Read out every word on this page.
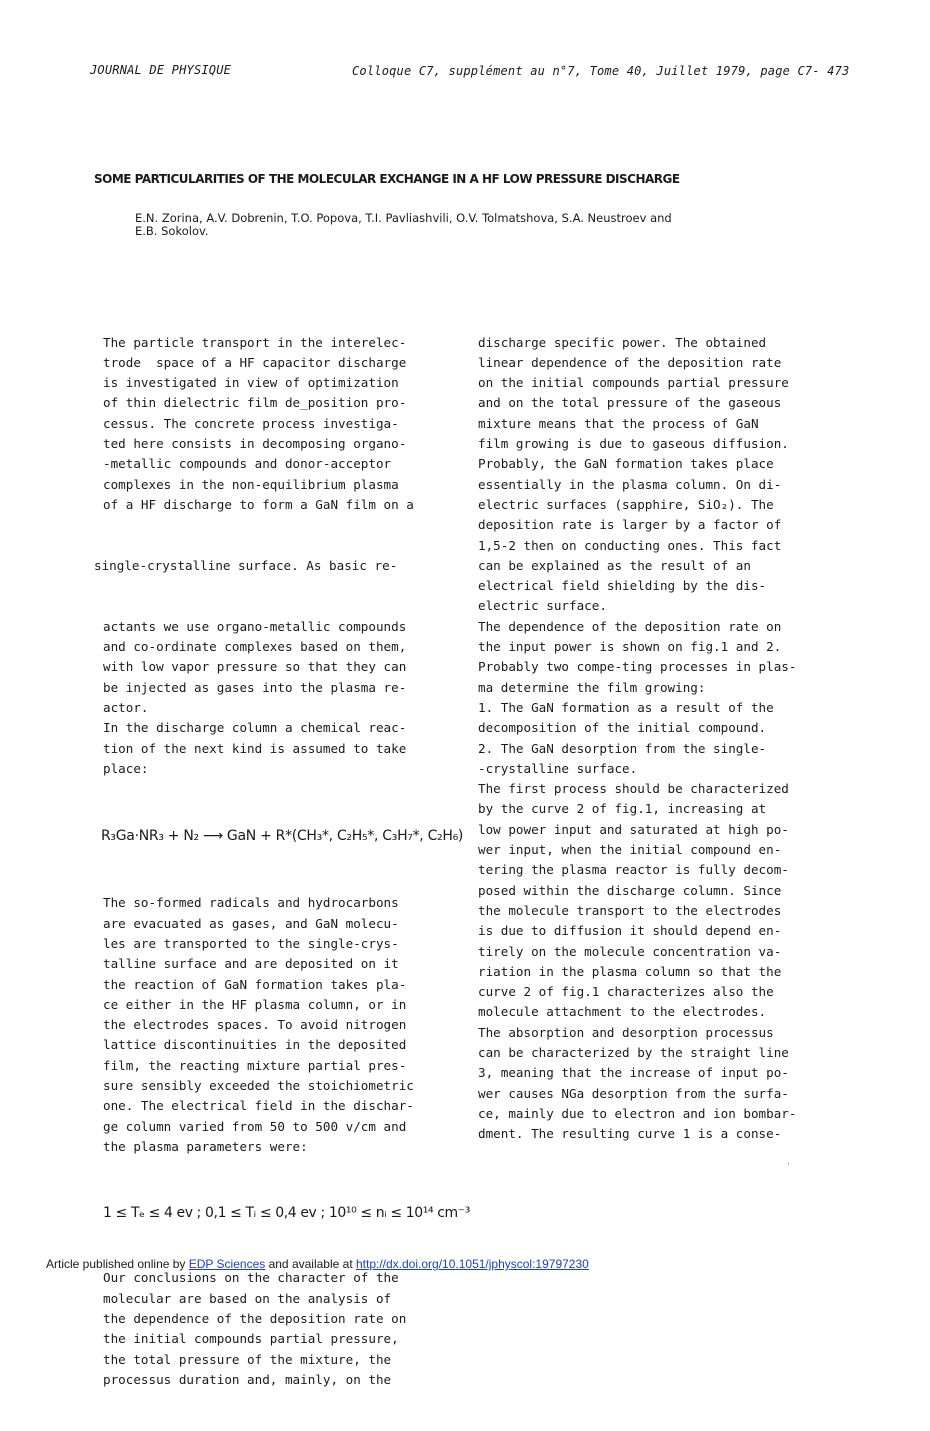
JOURNAL DE PHYSIQUE	Colloque C7, supplément au n°7, Tome 40, Juillet 1979, page C7- 473
SOME PARTICULARITIES OF THE MOLECULAR EXCHANGE IN A HF LOW PRESSURE DISCHARGE
E.N. Zorina, A.V. Dobrenin, T.O. Popova, T.I. Pavliashvili, O.V. Tolmatshova, S.A. Neustroev and
E.B. Sokolov.

The particle transport in the interelec-
trode  space of a HF capacitor discharge
is investigated in view of optimization
of thin dielectric film de_position pro-
cessus. The concrete process investiga-
ted here consists in decomposing organo-
-metallic compounds and donor-acceptor
complexes in the non-equilibrium plasma
of a HF discharge to form a GaN film on a

single-crystalline surface. As basic re-

actants we use organo-metallic compounds
and co-ordinate complexes based on them,
with low vapor pressure so that they can
be injected as gases into the plasma re-
actor.
In the discharge column a chemical reac-
tion of the next kind is assumed to take
place:

R₃Ga·NR₃ + N₂ ⟶ GaN + R*(CH₃*, C₂H₅*, C₃H₇*, C₂H₆)

The so-formed radicals and hydrocarbons
are evacuated as gases, and GaN molecu-
les are transported to the single-crys-
talline surface and are deposited on it
the reaction of GaN formation takes pla-
ce either in the HF plasma column, or in
the electrodes spaces. To avoid nitrogen
lattice discontinuities in the deposited
film, the reacting mixture partial pres-
sure sensibly exceeded the stoichiometric
one. The electrical field in the dischar-
ge column varied from 50 to 500 v/cm and
the plasma parameters were:

1 ≤ Tₑ ≤ 4 ev ; 0,1 ≤ Tᵢ ≤ 0,4 ev ; 10¹⁰ ≤ nᵢ ≤ 10¹⁴ cm⁻³

Our conclusions on the character of the
molecular are based on the analysis of
the dependence of the deposition rate on
the initial compounds partial pressure,
the total pressure of the mixture, the
processus duration and, mainly, on the

discharge specific power. The obtained
linear dependence of the deposition rate
on the initial compounds partial pressure
and on the total pressure of the gaseous
mixture means that the process of GaN
film growing is due to gaseous diffusion.
Probably, the GaN formation takes place
essentially in the plasma column. On di-
electric surfaces (sapphire, SiO₂). The
deposition rate is larger by a factor of
1,5-2 then on conducting ones. This fact
can be explained as the result of an
electrical field shielding by the dis-
electric surface.
The dependence of the deposition rate on
the input power is shown on fig.1 and 2.
Probably two compe-ting processes in plas-
ma determine the film growing:
1. The GaN formation as a result of the
decomposition of the initial compound.
2. The GaN desorption from the single-
-crystalline surface.
The first process should be characterized
by the curve 2 of fig.1, increasing at
low power input and saturated at high po-
wer input, when the initial compound en-
tering the plasma reactor is fully decom-
posed within the discharge column. Since
the molecule transport to the electrodes
is due to diffusion it should depend en-
tirely on the molecule concentration va-
riation in the plasma column so that the
curve 2 of fig.1 characterizes also the
molecule attachment to the electrodes.
The absorption and desorption processus
can be characterized by the straight line
3, meaning that the increase of input po-
wer causes NGa desorption from the surfa-
ce, mainly due to electron and ion bombar-
dment. The resulting curve 1 is a conse-

Article published online by EDP Sciences and available at http://dx.doi.org/10.1051/jphyscol:19797230
